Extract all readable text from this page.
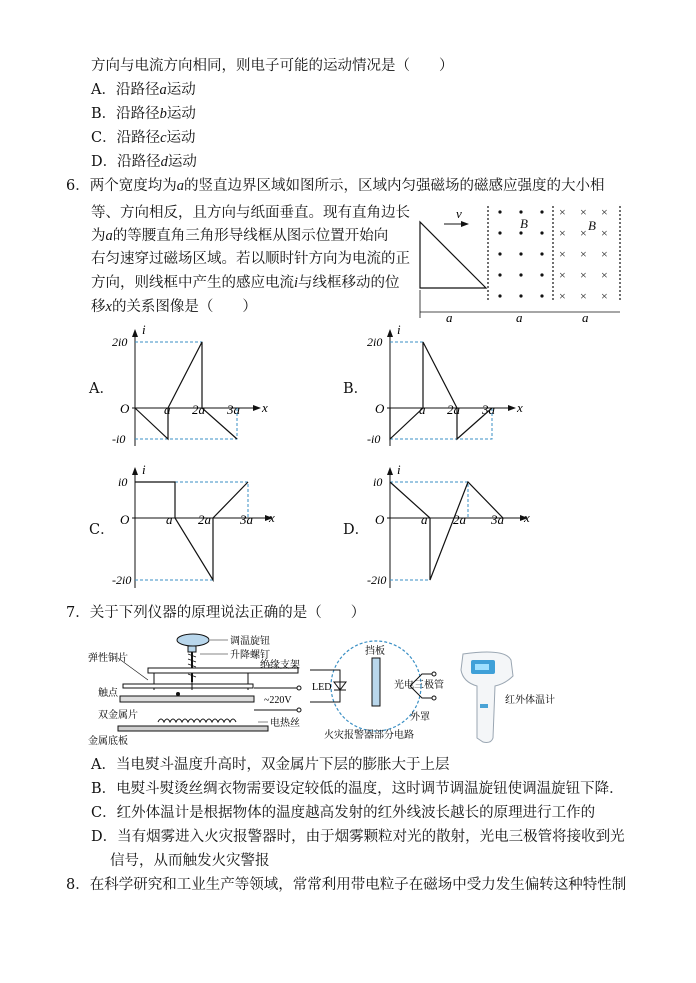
方向与电流方向相同，则电子可能的运动情况是（　　）
A．沿路径a运动
B．沿路径b运动
C．沿路径c运动
D．沿路径d运动
6．两个宽度均为a的竖直边界区域如图所示，区域内匀强磁场的磁感应强度的大小相
等、方向相反，且方向与纸面垂直。现有直角边长
为a的等腰直角三角形导线框从图示位置开始向
右匀速穿过磁场区域。若以顺时针方向为电流的正
方向，则线框中产生的感应电流i与线框移动的位
移x的关系图像是（　　）
v	× × ×
× × ×
× × ×
× × ×
× × ×
B	B
a	a	a
A．	B．
C．	D．
i
x
O
2i0
-i0
a 2a 3a
i
x
O
2i0
-i0
a 2a 3a
i
x
O
i0
-2i0
a 2a 3a
i
x
O
i0
-2i0
a 2a 3a
7．关于下列仪器的原理说法正确的是（　　）
调温旋钮
升降螺钉
绝缘支架
弹性铜片
触点
~220V
双金属片
电热丝
金属底板
挡板
LED	光电三极管
外罩
火灾报警器部分电路
红外体温计
A．当电熨斗温度升高时，双金属片下层的膨胀大于上层
B．电熨斗熨烫丝绸衣物需要设定较低的温度，这时调节调温旋钮使调温旋钮下降．
C．红外体温计是根据物体的温度越高发射的红外线波长越长的原理进行工作的
D．当有烟雾进入火灾报警器时，由于烟雾颗粒对光的散射，光电三极管将接收到光
信号，从而触发火灾警报
8．在科学研究和工业生产等领域，常常利用带电粒子在磁场中受力发生偏转这种特性制
